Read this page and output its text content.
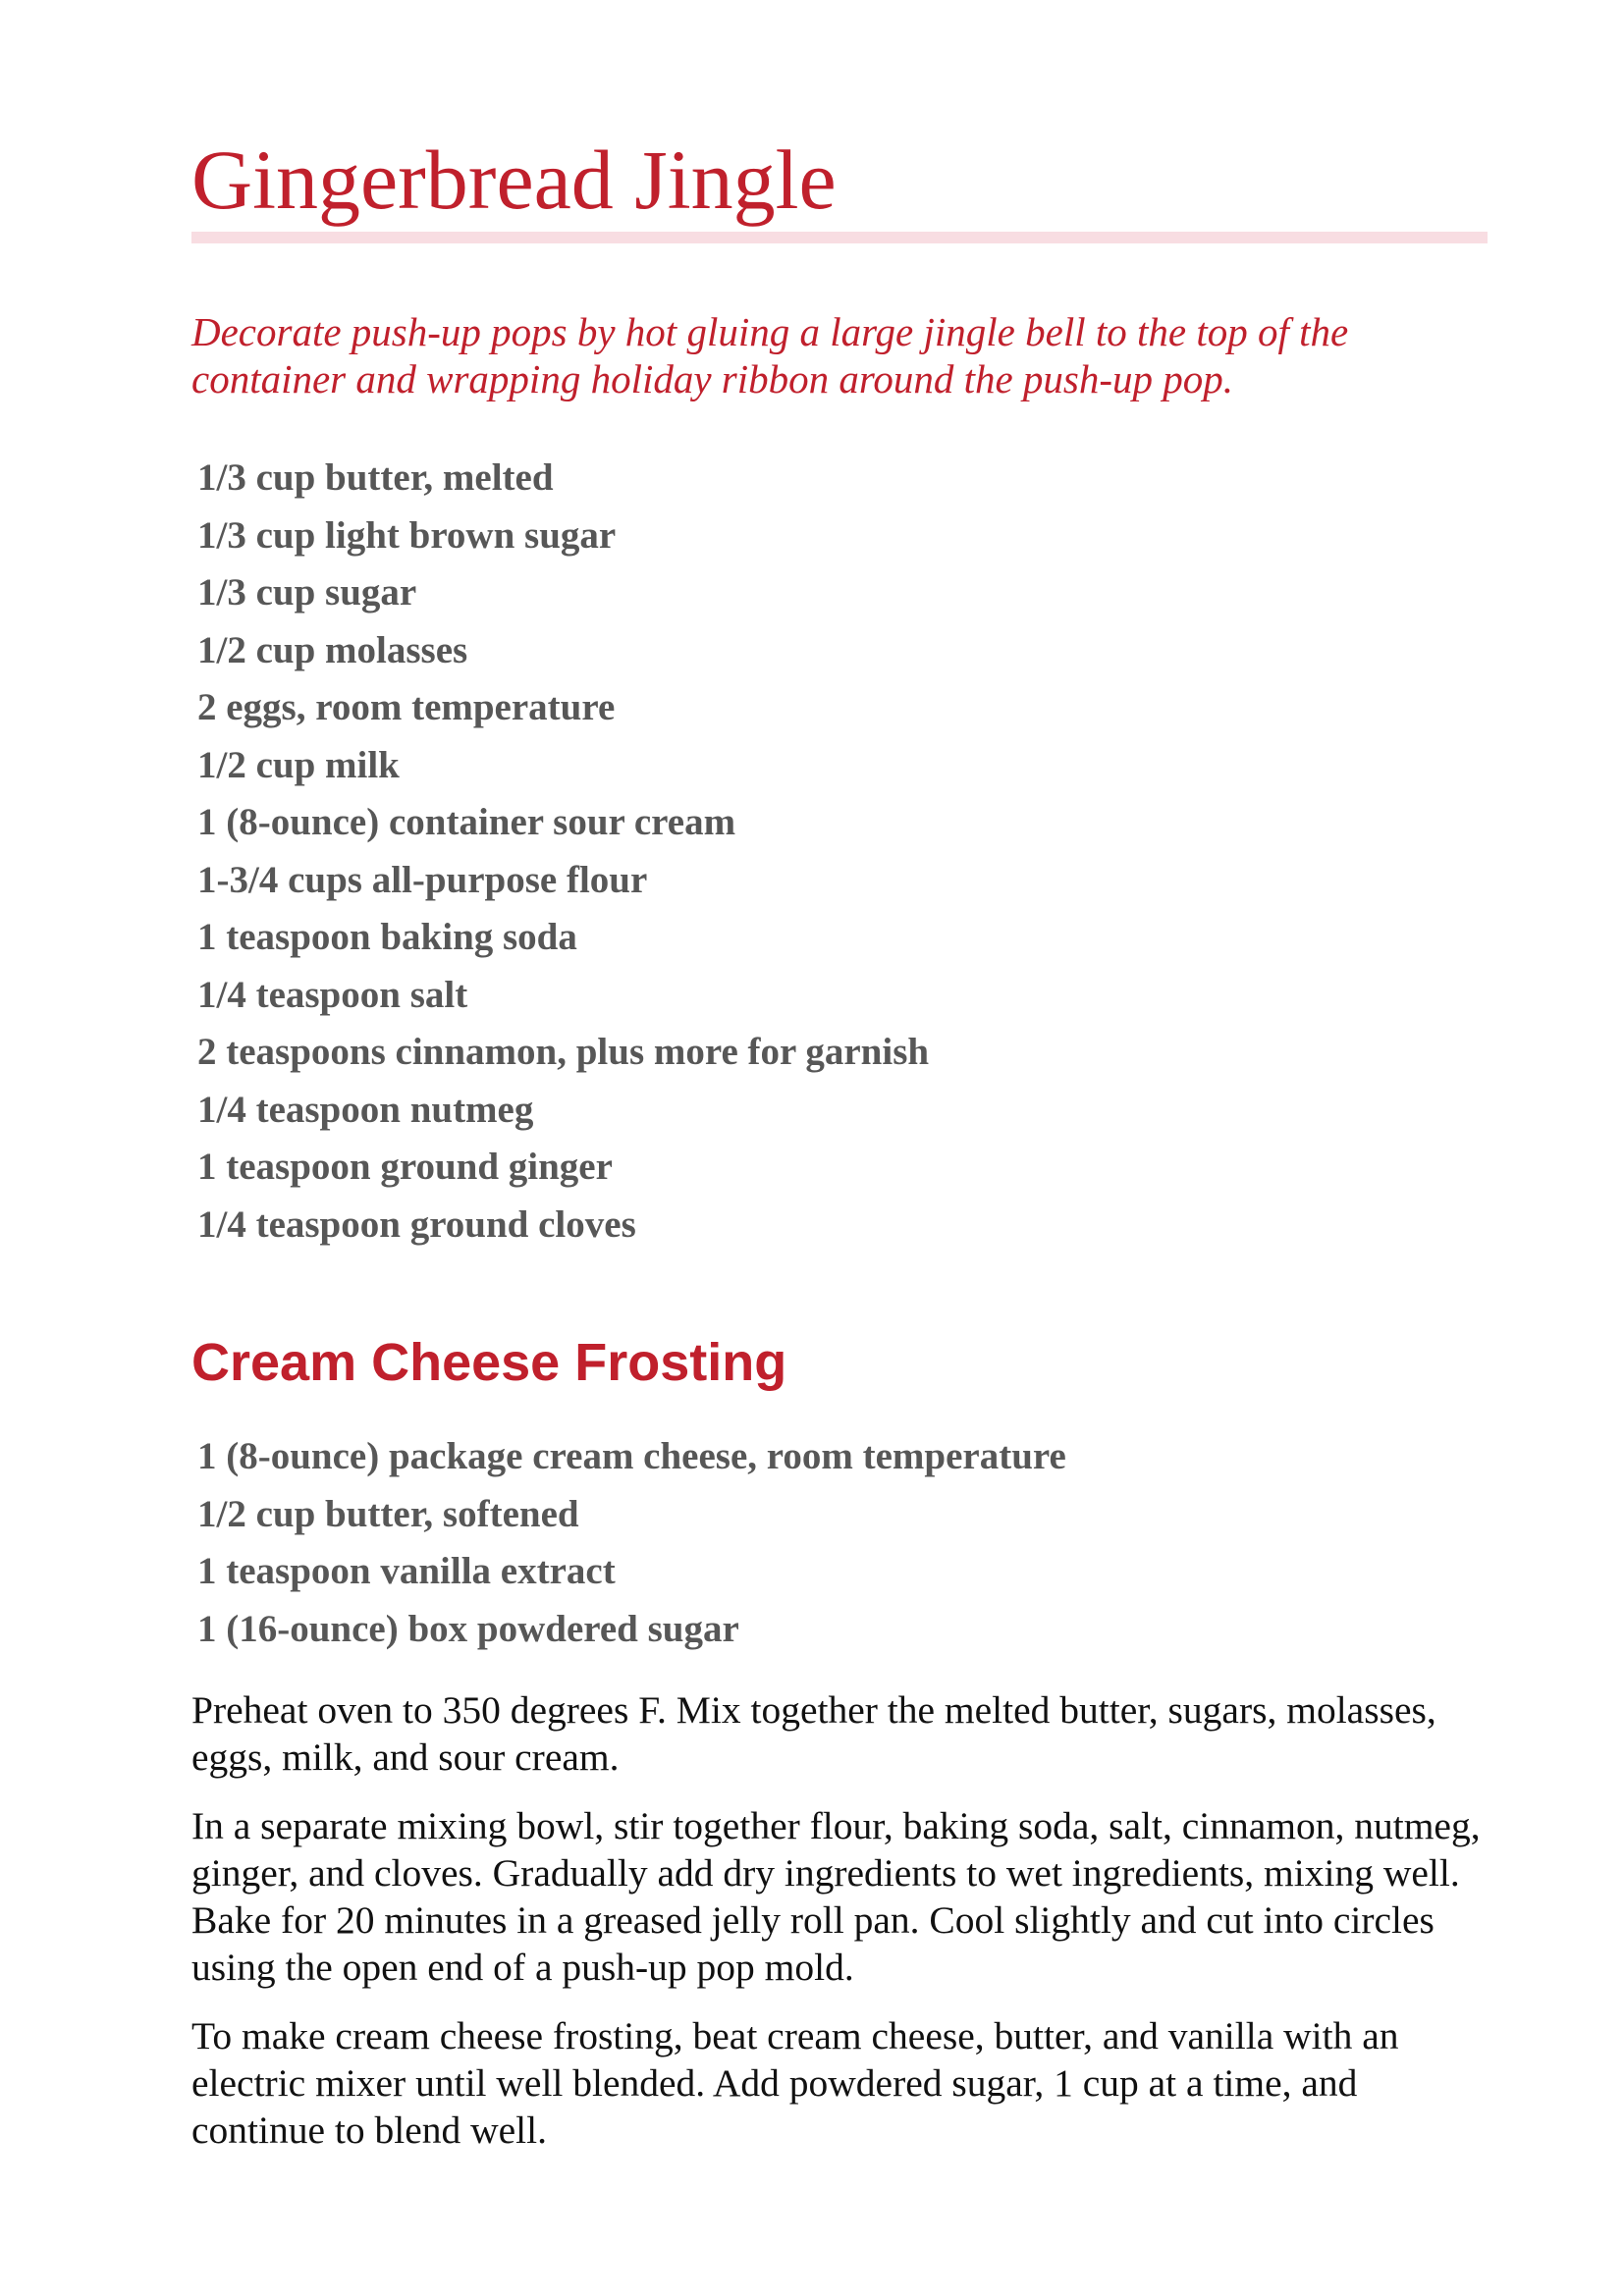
Gingerbread Jingle

Decorate push-up pops by hot gluing a large jingle bell to the top of the container and wrapping holiday ribbon around the push-up pop.

1/3 cup butter, melted
1/3 cup light brown sugar
1/3 cup sugar
1/2 cup molasses
2 eggs, room temperature
1/2 cup milk
1 (8-ounce) container sour cream
1-3/4 cups all-purpose flour
1 teaspoon baking soda
1/4 teaspoon salt
2 teaspoons cinnamon, plus more for garnish
1/4 teaspoon nutmeg
1 teaspoon ground ginger
1/4 teaspoon ground cloves
Cream Cheese Frosting
1 (8-ounce) package cream cheese, room temperature
1/2 cup butter, softened
1 teaspoon vanilla extract
1 (16-ounce) box powdered sugar

Preheat oven to 350 degrees F. Mix together the melted butter, sugars, molasses, eggs, milk, and sour cream.

In a separate mixing bowl, stir together flour, baking soda, salt, cinnamon, nutmeg, ginger, and cloves. Gradually add dry ingredients to wet ingredients, mixing well. Bake for 20 minutes in a greased jelly roll pan. Cool slightly and cut into circles using the open end of a push-up pop mold.

To make cream cheese frosting, beat cream cheese, butter, and vanilla with an electric mixer until well blended. Add powdered sugar, 1 cup at a time, and continue to blend well.
